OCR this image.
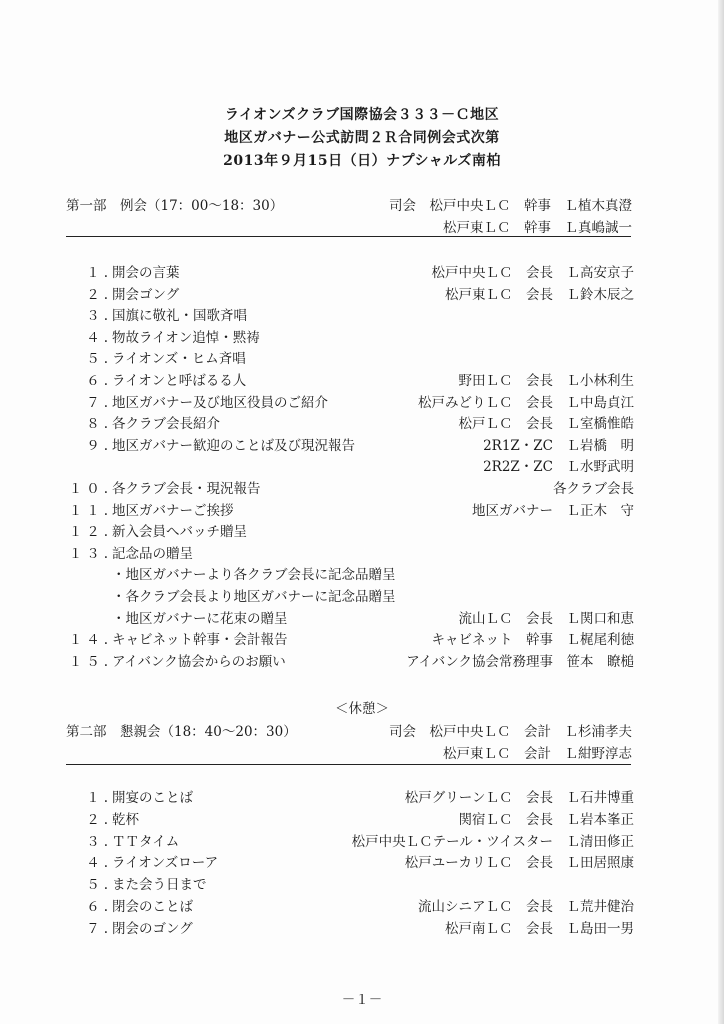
ライオンズクラブ国際協会３３３－Ｃ地区
地区ガバナー公式訪問２Ｒ合同例会式次第
2013年９月15日（日）ナプシャルズ南柏
第一部　例会（17：00～18：30）	司会　松戸中央ＬＣ　幹事　Ｌ植木真澄
松戸東ＬＣ　幹事　Ｌ真嶋誠一
１. 開会の言葉	松戸中央ＬＣ　会長　Ｌ高安京子
２. 開会ゴング	松戸東ＬＣ　会長　Ｌ鈴木辰之
３. 国旗に敬礼・国歌斉唱
４. 物故ライオン追悼・黙祷
５. ライオンズ・ヒム斉唱
６. ライオンと呼ばるる人	野田ＬＣ　会長　Ｌ小林利生
７. 地区ガバナー及び地区役員のご紹介	松戸みどりＬＣ　会長　Ｌ中島貞江
８. 各クラブ会長紹介	松戸ＬＣ　会長　Ｌ室橋惟皓
９. 地区ガバナー歓迎のことば及び現況報告	2R1Z・ZC　Ｌ岩橋　明
2R2Z・ZC　Ｌ水野武明
１０. 各クラブ会長・現況報告	各クラブ会長
１１. 地区ガバナーご挨拶	地区ガバナー　Ｌ正木　守
１２. 新入会員へバッチ贈呈
１３. 記念品の贈呈
・地区ガバナーより各クラブ会長に記念品贈呈
・各クラブ会長より地区ガバナーに記念品贈呈
・地区ガバナーに花束の贈呈	流山ＬＣ　会長　Ｌ関口和恵
１４. キャビネット幹事・会計報告	キャビネット　幹事　Ｌ梶尾利徳
１５. アイバンク協会からのお願い	アイバンク協会常務理事　笹本　瞭槌
＜休憩＞
第二部　懇親会（18：40～20：30）	司会　松戸中央ＬＣ　会計　Ｌ杉浦孝夫
松戸東ＬＣ　会計　Ｌ紺野淳志
１. 開宴のことば	松戸グリーンＬＣ　会長　Ｌ石井博重
２. 乾杯	関宿ＬＣ　会長　Ｌ岩本峯正
３. ＴＴタイム	松戸中央ＬＣテール・ツイスター　Ｌ清田修正
４. ライオンズローア	松戸ユーカリＬＣ　会長　Ｌ田居照康
５. また会う日まで
６. 閉会のことば	流山シニアＬＣ　会長　Ｌ荒井健治
７. 閉会のゴング	松戸南ＬＣ　会長　Ｌ島田一男
－１－
